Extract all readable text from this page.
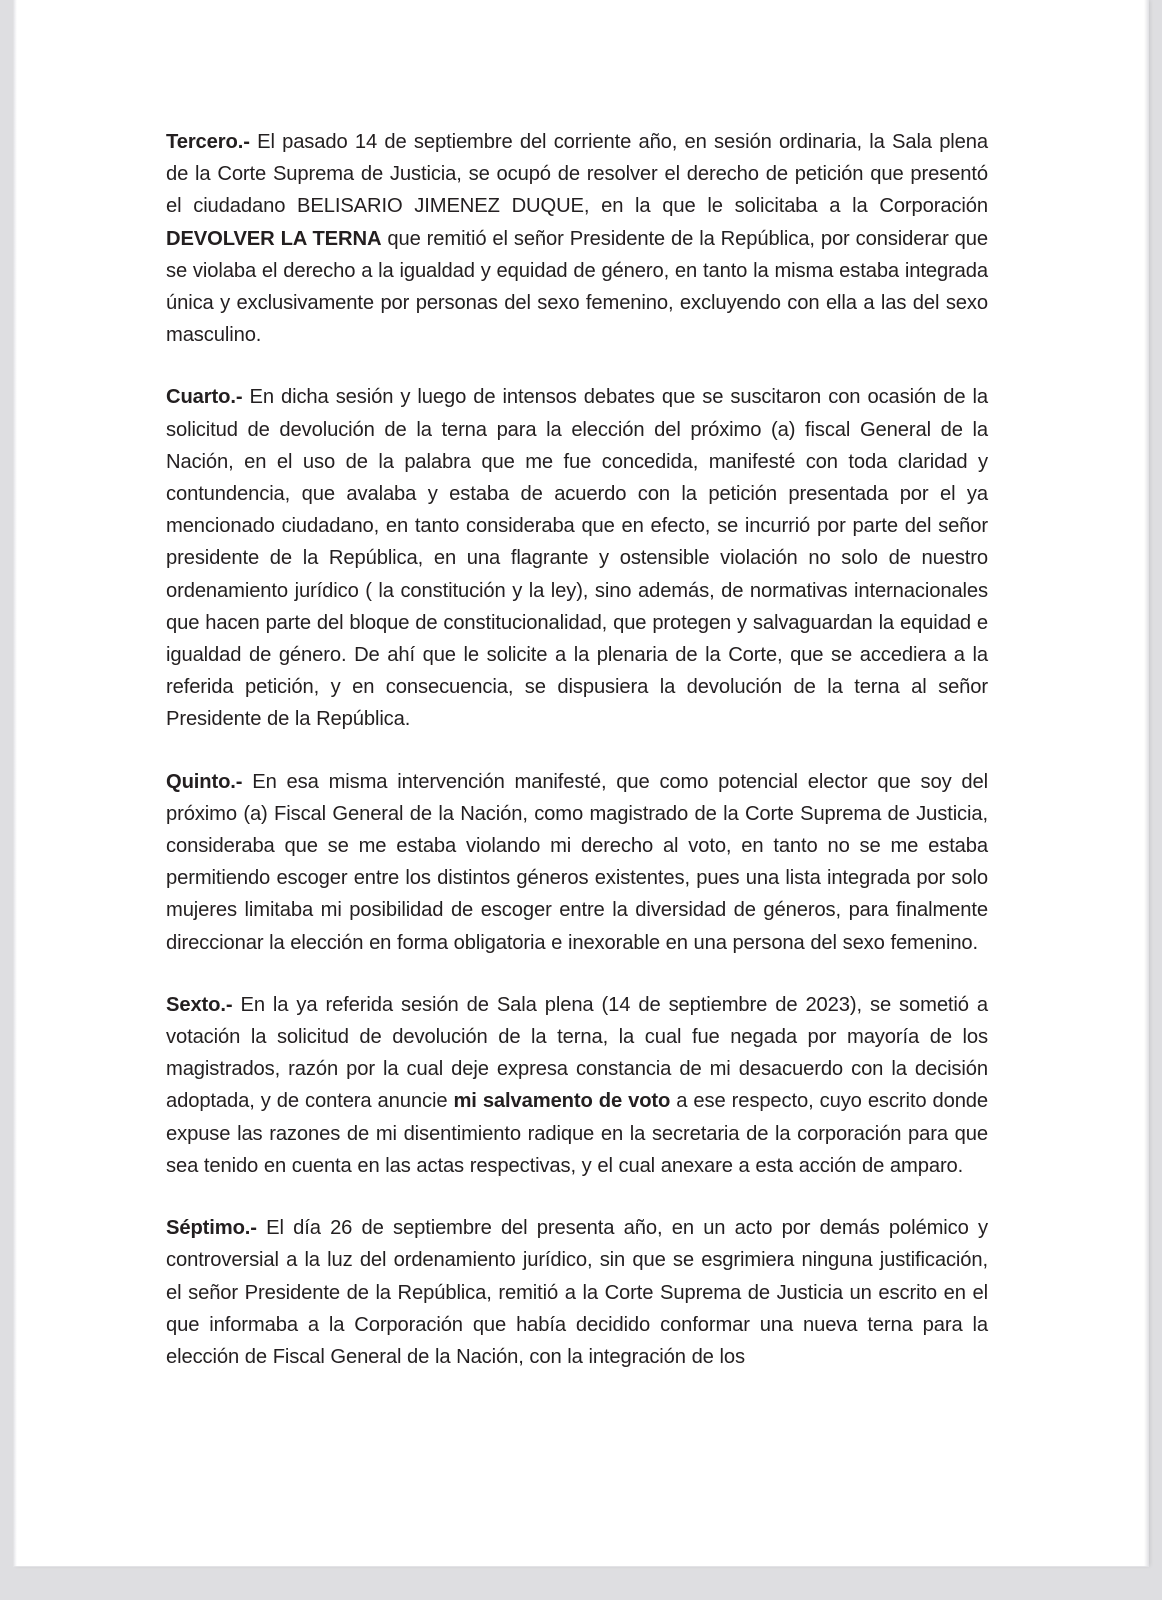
Tercero.- El pasado 14 de septiembre del corriente año, en sesión ordinaria, la Sala plena de la Corte Suprema de Justicia, se ocupó de resolver el derecho de petición que presentó el ciudadano BELISARIO JIMENEZ DUQUE, en la que le solicitaba a la Corporación DEVOLVER LA TERNA que remitió el señor Presidente de la República, por considerar que se violaba el derecho a la igualdad y equidad de género, en tanto la misma estaba integrada única y exclusivamente por personas del sexo femenino, excluyendo con ella a las del sexo masculino.

Cuarto.- En dicha sesión y luego de intensos debates que se suscitaron con ocasión de la solicitud de devolución de la terna para la elección del próximo (a) fiscal General de la Nación, en el uso de la palabra que me fue concedida, manifesté con toda claridad y contundencia, que avalaba y estaba de acuerdo con la petición presentada por el ya mencionado ciudadano, en tanto consideraba que en efecto, se incurrió por parte del señor presidente de la República, en una flagrante y ostensible violación no solo de nuestro ordenamiento jurídico ( la constitución y la ley), sino además, de normativas internacionales que hacen parte del bloque de constitucionalidad, que protegen y salvaguardan la equidad e igualdad de género. De ahí que le solicite a la plenaria de la Corte, que se accediera a la referida petición, y en consecuencia, se dispusiera la devolución de la terna al señor Presidente de la República.

Quinto.- En esa misma intervención manifesté, que como potencial elector que soy del próximo (a) Fiscal General de la Nación, como magistrado de la Corte Suprema de Justicia, consideraba que se me estaba violando mi derecho al voto, en tanto no se me estaba permitiendo escoger entre los distintos géneros existentes, pues una lista integrada por solo mujeres limitaba mi posibilidad de escoger entre la diversidad de géneros, para finalmente direccionar la elección en forma obligatoria e inexorable en una persona del sexo femenino.

Sexto.- En la ya referida sesión de Sala plena (14 de septiembre de 2023), se sometió a votación la solicitud de devolución de la terna, la cual fue negada por mayoría de los magistrados, razón por la cual deje expresa constancia de mi desacuerdo con la decisión adoptada, y de contera anuncie mi salvamento de voto a ese respecto, cuyo escrito donde expuse las razones de mi disentimiento radique en la secretaria de la corporación para que sea tenido en cuenta en las actas respectivas, y el cual anexare a esta acción de amparo.

Séptimo.- El día 26 de septiembre del presenta año, en un acto por demás polémico y controversial a la luz del ordenamiento jurídico, sin que se esgrimiera ninguna justificación, el señor Presidente de la República, remitió a la Corte Suprema de Justicia un escrito en el que informaba a la Corporación que había decidido conformar una nueva terna para la elección de Fiscal General de la Nación, con la integración de los
